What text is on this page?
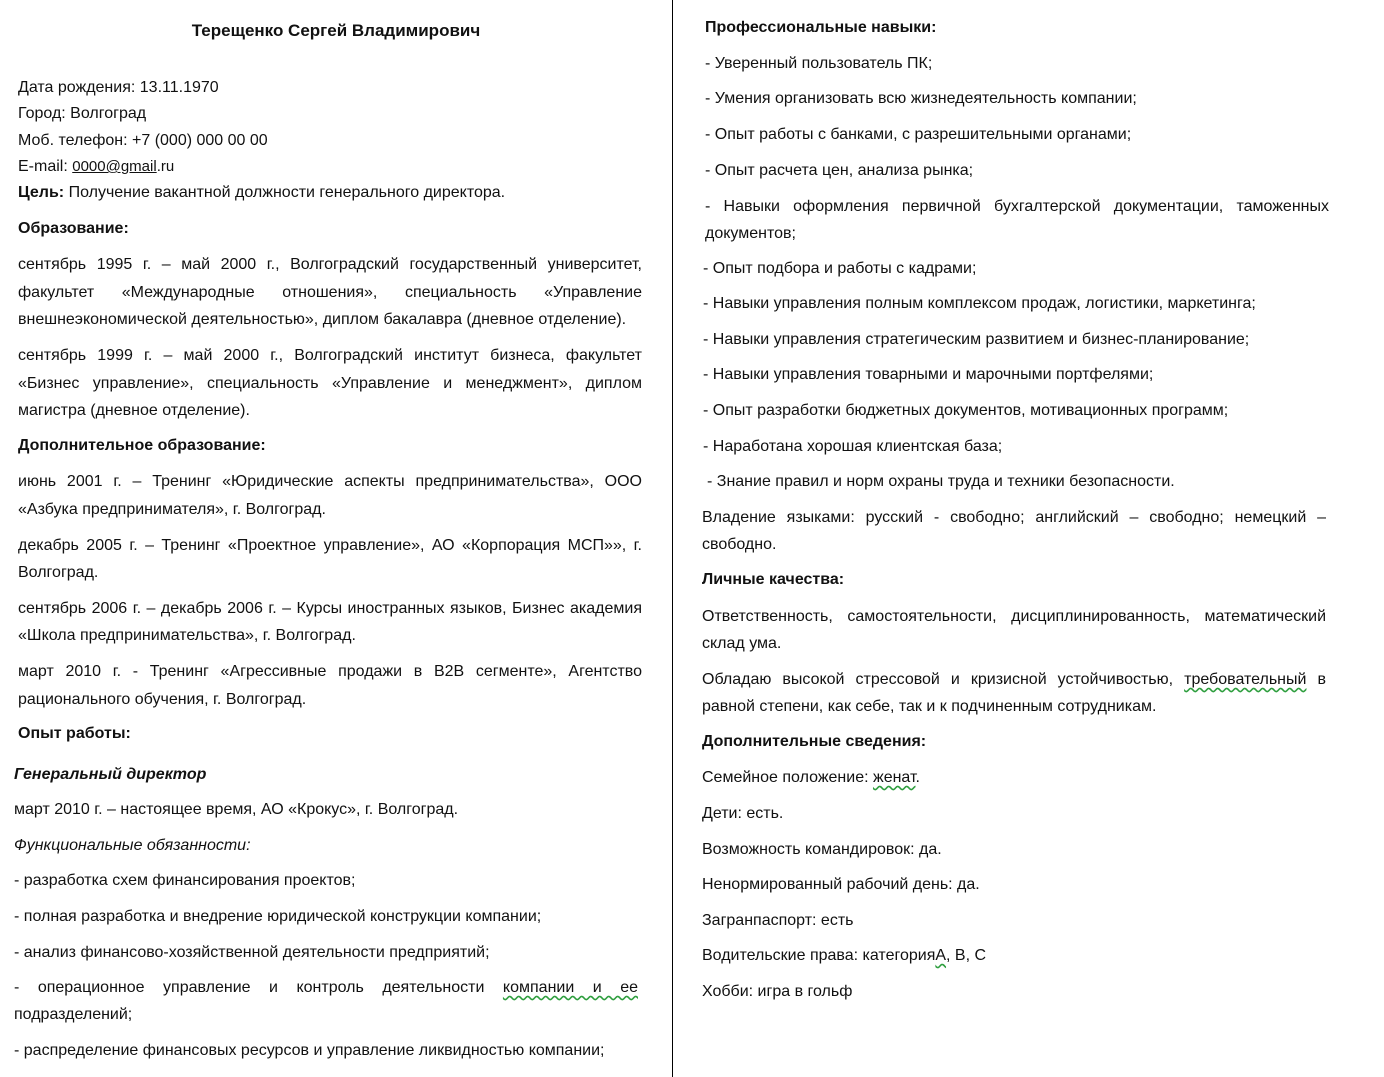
Терещенко Сергей Владимирович
Дата рождения: 13.11.1970
Город: Волгоград
Моб. телефон: +7 (000) 000 00 00
E-mail: 0000@gmail.ru
Цель: Получение вакантной должности генерального директора.
Образование:
сентябрь 1995 г. – май 2000 г., Волгоградский государственный университет,
факультет «Международные отношения», специальность «Управление
внешнеэкономической деятельностью», диплом бакалавра (дневное отделение).
сентябрь 1999 г. – май 2000 г., Волгоградский институт бизнеса, факультет
«Бизнес управление», специальность «Управление и менеджмент», диплом
магистра (дневное отделение).
Дополнительное образование:
июнь 2001 г. – Тренинг «Юридические аспекты предпринимательства», ООО
«Азбука предпринимателя», г. Волгоград.
декабрь 2005 г. – Тренинг «Проектное управление», АО «Корпорация МСП»», г.
Волгоград.
сентябрь 2006 г. – декабрь 2006 г. – Курсы иностранных языков, Бизнес академия
«Школа предпринимательства», г. Волгоград.
март 2010 г. - Тренинг «Агрессивные продажи в B2B сегменте», Агентство
рационального обучения, г. Волгоград.
Опыт работы:
Генеральный директор
март 2010 г. – настоящее время, АО «Крокус», г. Волгоград.
Функциональные обязанности:
- разработка схем финансирования проектов;
- полная разработка и внедрение юридической конструкции компании;
- анализ финансово-хозяйственной деятельности предприятий;
- операционное управление и контроль деятельности компании и ее
подразделений;
- распределение финансовых ресурсов и управление ликвидностью компании;
Профессиональные навыки:
- Уверенный пользователь ПК;
- Умения организовать всю жизнедеятельность компании;
- Опыт работы с банками, с разрешительными органами;
- Опыт расчета цен, анализа рынка;
- Навыки оформления первичной бухгалтерской документации, таможенных
документов;
- Опыт подбора и работы с кадрами;
- Навыки управления полным комплексом продаж, логистики, маркетинга;
- Навыки управления стратегическим развитием и бизнес-планирование;
- Навыки управления товарными и марочными портфелями;
- Опыт разработки бюджетных документов, мотивационных программ;
- Наработана хорошая клиентская база;
- Знание правил и норм охраны труда и техники безопасности.
Владение языками: русский - свободно; английский – свободно; немецкий –
свободно.
Личные качества:
Ответственность, самостоятельности, дисциплинированность, математический
склад ума.
Обладаю высокой стрессовой и кризисной устойчивостью, требовательный в
равной степени, как себе, так и к подчиненным сотрудникам.
Дополнительные сведения:
Семейное положение: женат.
Дети: есть.
Возможность командировок: да.
Ненормированный рабочий день: да.
Загранпаспорт: есть
Водительские права: категорияА, В, С
Хобби: игра в гольф
